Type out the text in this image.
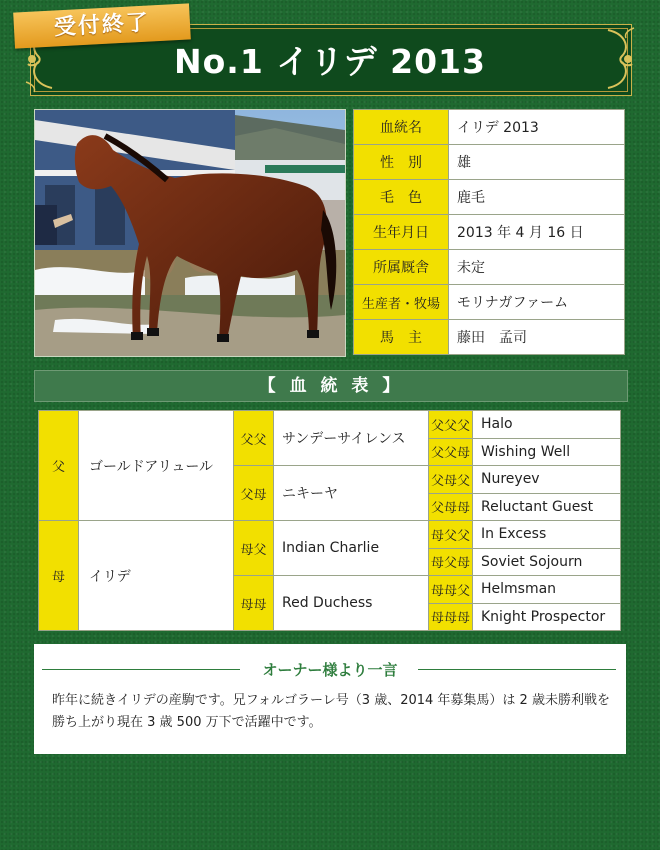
No.1 イリデ 2013
受付終了
血統名	イリデ 2013
性　別	雄
毛　色	鹿毛
生年月日	2013 年 4 月 16 日
所属厩舎	未定
生産者・牧場	モリナガファーム
馬　主	藤田　孟司
【 血 統 表 】
父	ゴールドアリュール	父父	サンデーサイレンス	父父父	Halo
				父父母	Wishing Well
		父母	ニキーヤ	父母父	Nureyev
				父母母	Reluctant Guest
母	イリデ	母父	Indian Charlie	母父父	In Excess
				母父母	Soviet Sojourn
		母母	Red Duchess	母母父	Helmsman
				母母母	Knight Prospector
オーナー様より一言
昨年に続きイリデの産駒です。兄フォルゴラーレ号（3 歳、2014 年募集馬）は 2 歳未勝利戦を勝ち上がり現在 3 歳 500 万下で活躍中です。
